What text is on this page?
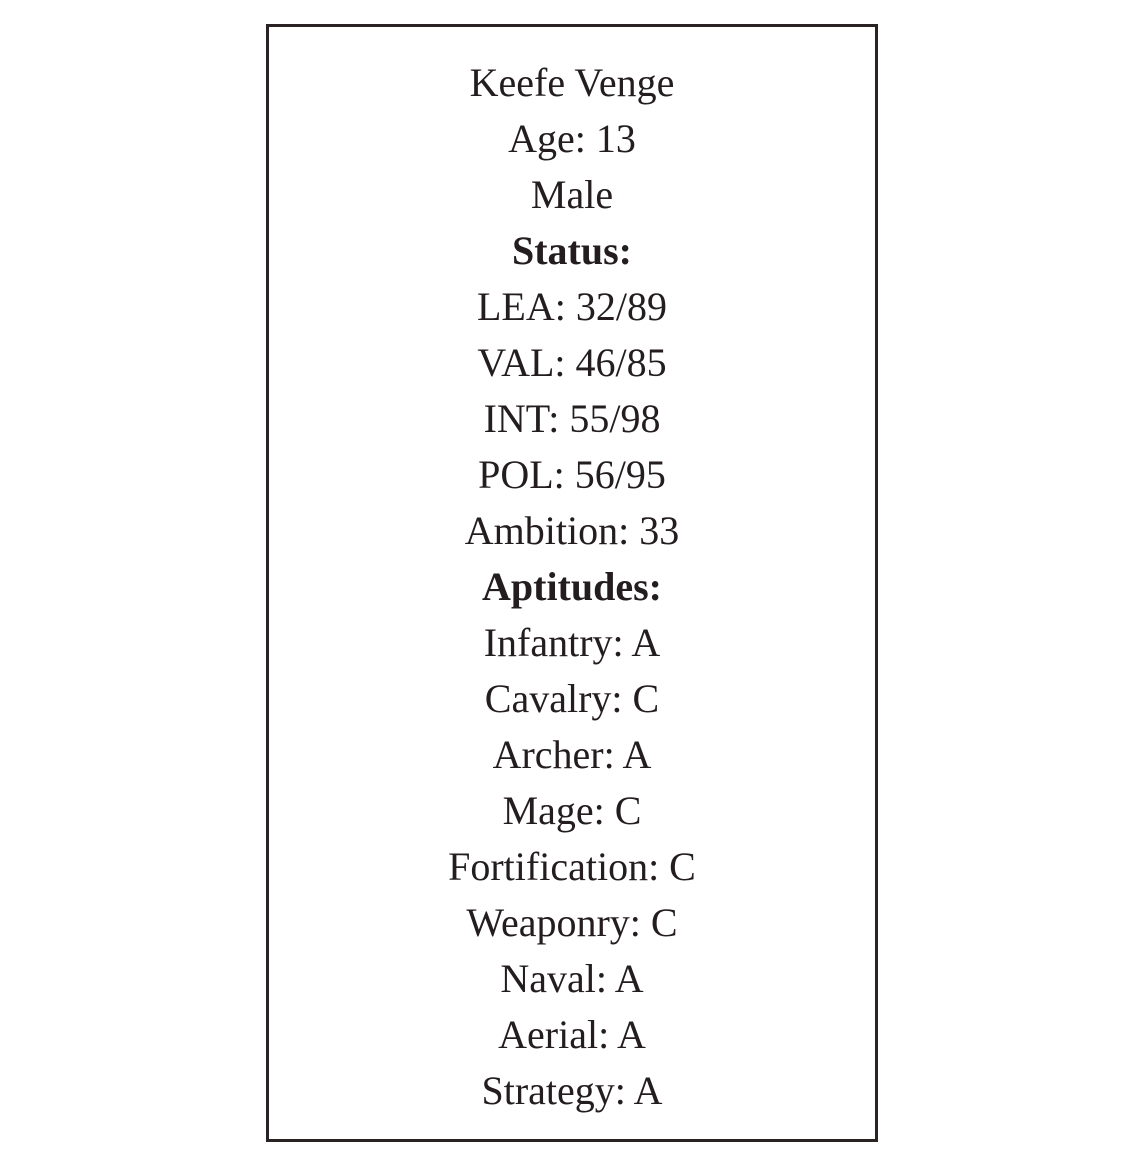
Keefe Venge
Age: 13
Male
Status:
LEA: 32/89
VAL: 46/85
INT: 55/98
POL: 56/95
Ambition: 33
Aptitudes:
Infantry: A
Cavalry: C
Archer: A
Mage: C
Fortification: C
Weaponry: C
Naval: A
Aerial: A
Strategy: A
